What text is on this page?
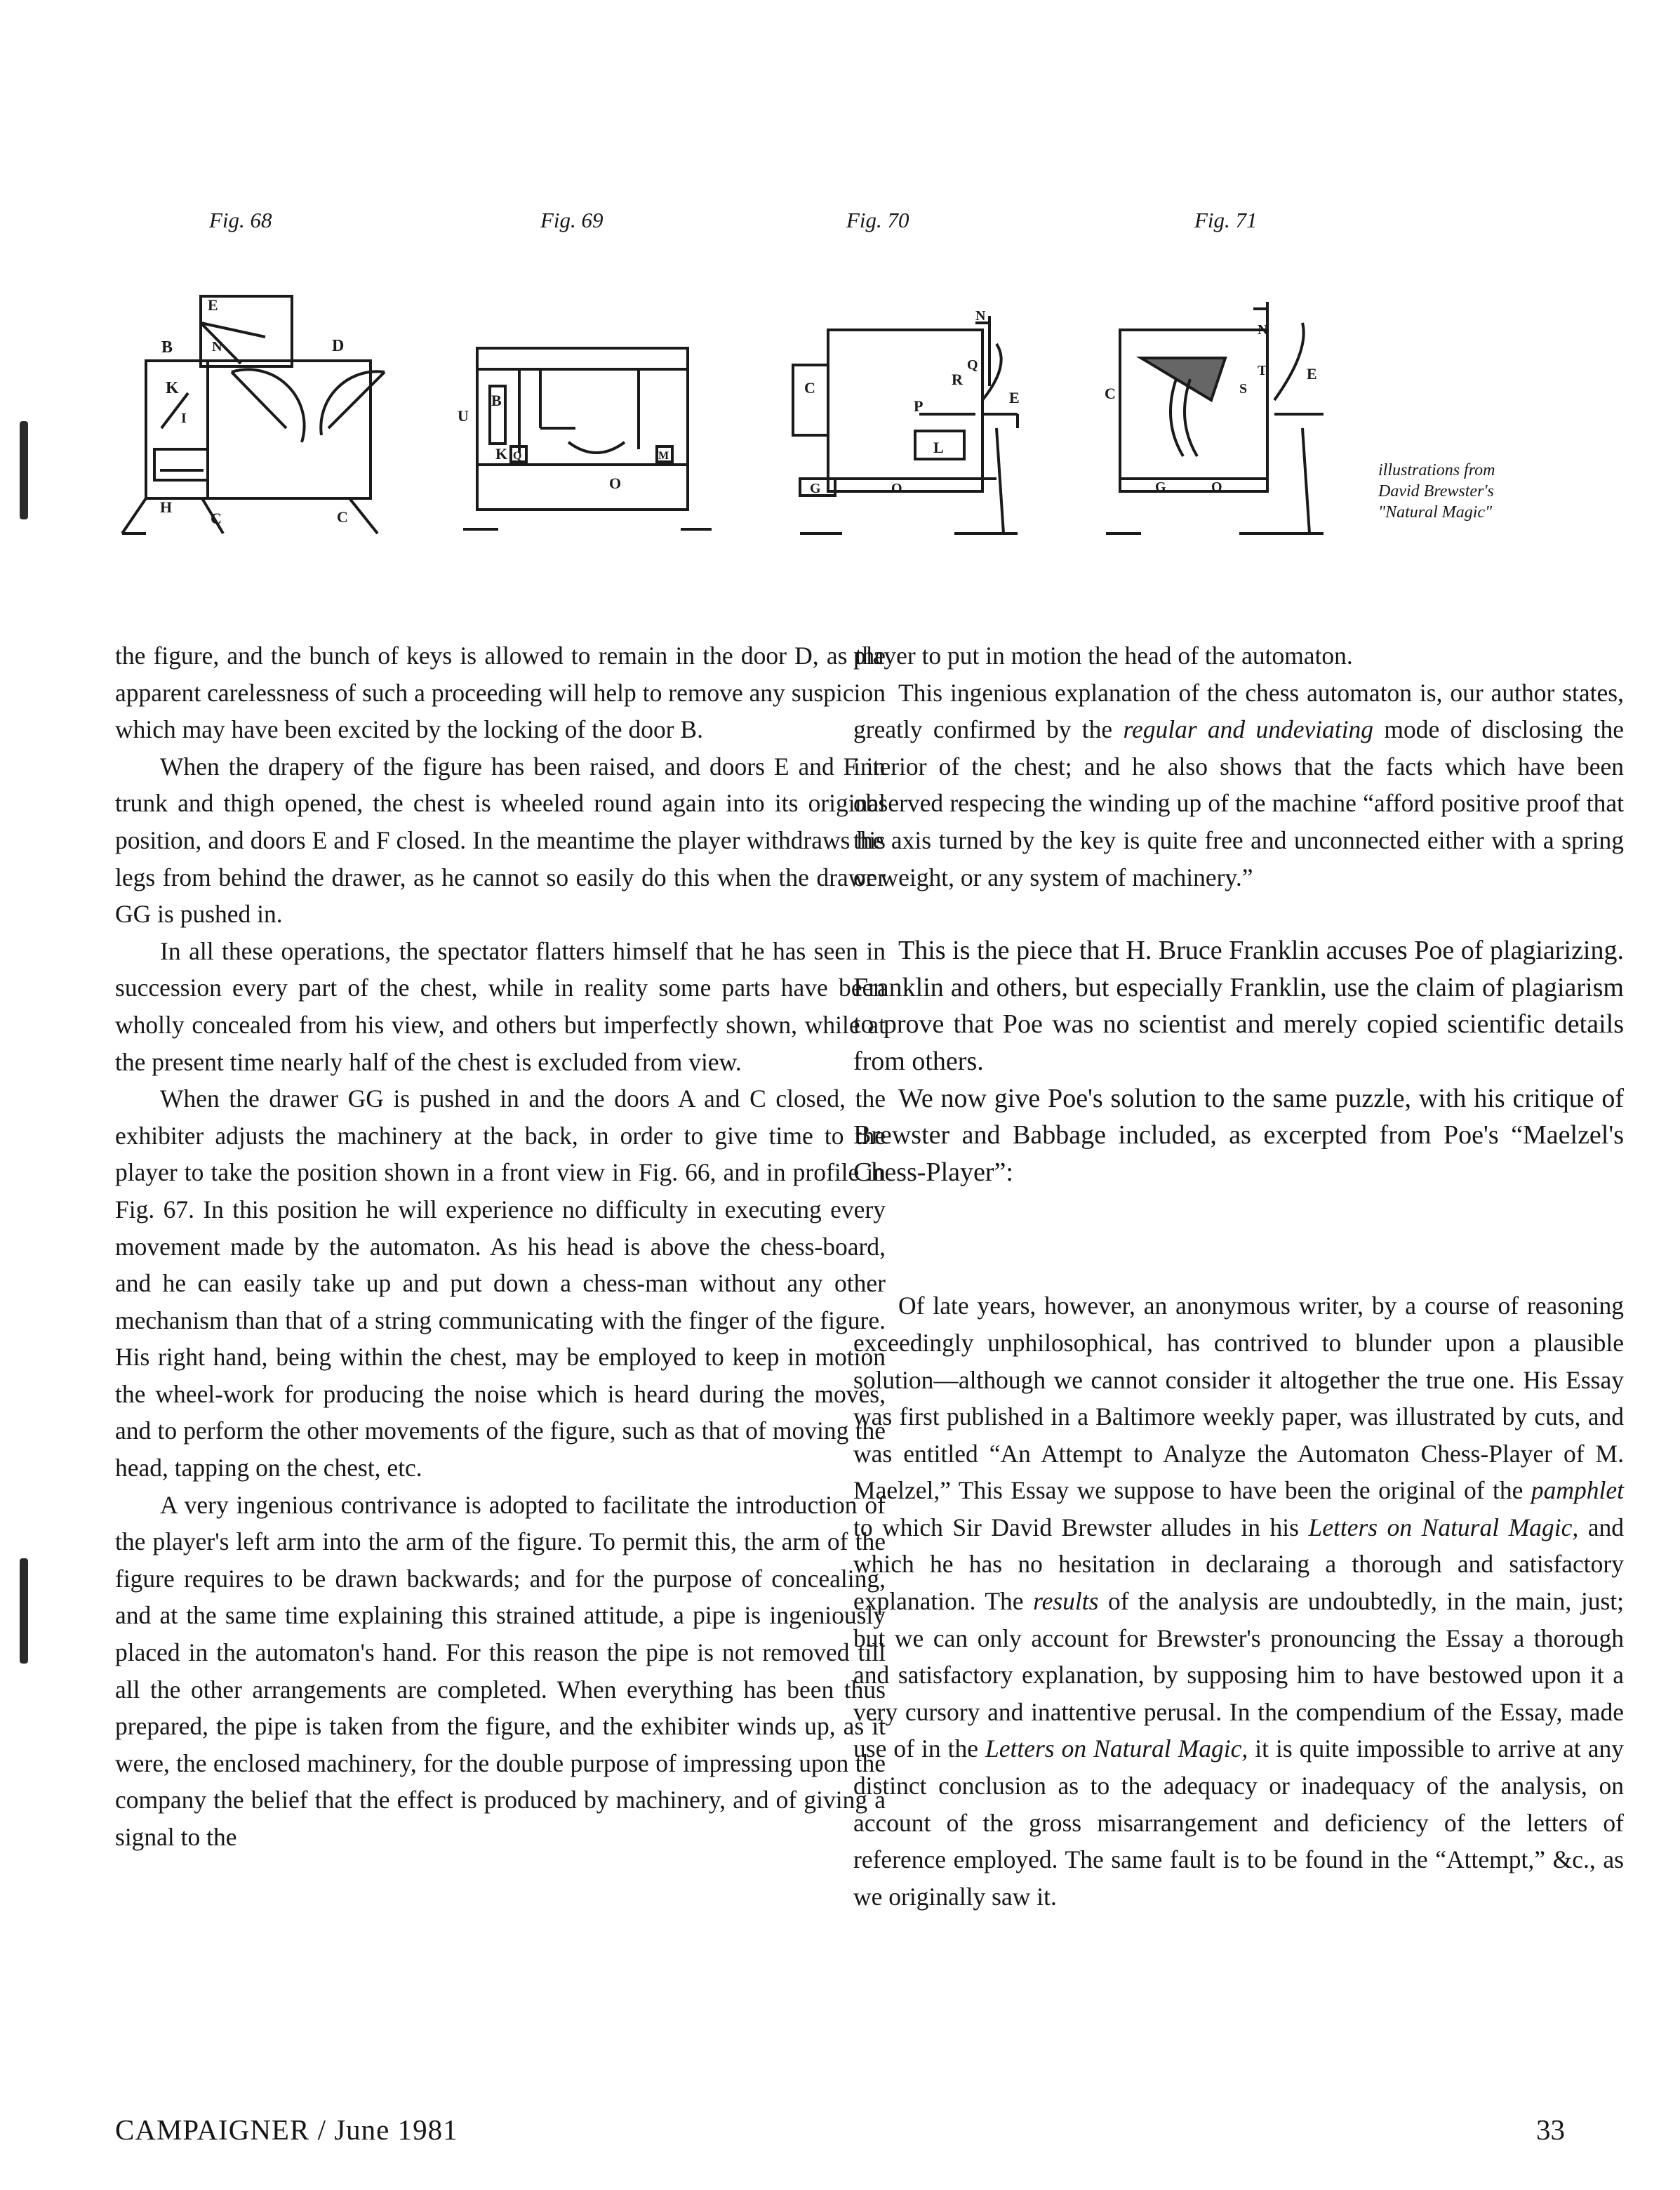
Fig. 68	Fig. 69	Fig. 70	Fig. 71
E
B	D
K
N
I
H
C	C
B
U
K Q	M
O
N
C	R
Q
E
P
L
G	O
N
T	E
C	S
G	O
illustrations from David Brewster's "Natural Magic"

the figure, and the bunch of keys is allowed to remain in the door D, as the apparent carelessness of such a proceeding will help to remove any suspicion which may have been excited by the locking of the door B.

When the drapery of the figure has been raised, and doors E and F in trunk and thigh opened, the chest is wheeled round again into its original position, and doors E and F closed. In the meantime the player withdraws his legs from behind the drawer, as he cannot so easily do this when the drawer GG is pushed in.

In all these operations, the spectator flatters himself that he has seen in succession every part of the chest, while in reality some parts have been wholly concealed from his view, and others but imperfectly shown, while at the present time nearly half of the chest is excluded from view.

When the drawer GG is pushed in and the doors A and C closed, the exhibiter adjusts the machinery at the back, in order to give time to the player to take the position shown in a front view in Fig. 66, and in profile in Fig. 67. In this position he will experience no difficulty in executing every movement made by the automaton. As his head is above the chess-board, and he can easily take up and put down a chess-man without any other mechanism than that of a string communicating with the finger of the figure. His right hand, being within the chest, may be employed to keep in motion the wheel-work for producing the noise which is heard during the moves, and to perform the other movements of the figure, such as that of moving the head, tapping on the chest, etc.

A very ingenious contrivance is adopted to facilitate the introduction of the player's left arm into the arm of the figure. To permit this, the arm of the figure requires to be drawn backwards; and for the purpose of concealing, and at the same time explaining this strained attitude, a pipe is ingeniously placed in the automaton's hand. For this reason the pipe is not removed till all the other arrangements are completed. When everything has been thus prepared, the pipe is taken from the figure, and the exhibiter winds up, as it were, the enclosed machinery, for the double purpose of impressing upon the company the belief that the effect is produced by machinery, and of giving a signal to the

player to put in motion the head of the automaton.

This ingenious explanation of the chess automaton is, our author states, greatly confirmed by the regular and undeviating mode of disclosing the interior of the chest; and he also shows that the facts which have been observed respecing the winding up of the machine “afford positive proof that the axis turned by the key is quite free and unconnected either with a spring or weight, or any system of machinery.”

This is the piece that H. Bruce Franklin accuses Poe of plagiarizing. Franklin and others, but especially Franklin, use the claim of plagiarism to prove that Poe was no scientist and merely copied scientific details from others.

We now give Poe's solution to the same puzzle, with his critique of Brewster and Babbage included, as excerpted from Poe's “Maelzel's Chess-Player”:

Of late years, however, an anonymous writer, by a course of reasoning exceedingly unphilosophical, has contrived to blunder upon a plausible solution—although we cannot consider it altogether the true one. His Essay was first published in a Baltimore weekly paper, was illustrated by cuts, and was entitled “An Attempt to Analyze the Automaton Chess-Player of M. Maelzel,” This Essay we suppose to have been the original of the pamphlet to which Sir David Brewster alludes in his Letters on Natural Magic, and which he has no hesitation in declaraing a thorough and satisfactory explanation. The results of the analysis are undoubtedly, in the main, just; but we can only account for Brewster's pronouncing the Essay a thorough and satisfactory explanation, by supposing him to have bestowed upon it a very cursory and inattentive perusal. In the compendium of the Essay, made use of in the Letters on Natural Magic, it is quite impossible to arrive at any distinct conclusion as to the adequacy or inadequacy of the analysis, on account of the gross misarrangement and deficiency of the letters of reference employed. The same fault is to be found in the “Attempt,” &c., as we originally saw it.

CAMPAIGNER / June 1981	33
